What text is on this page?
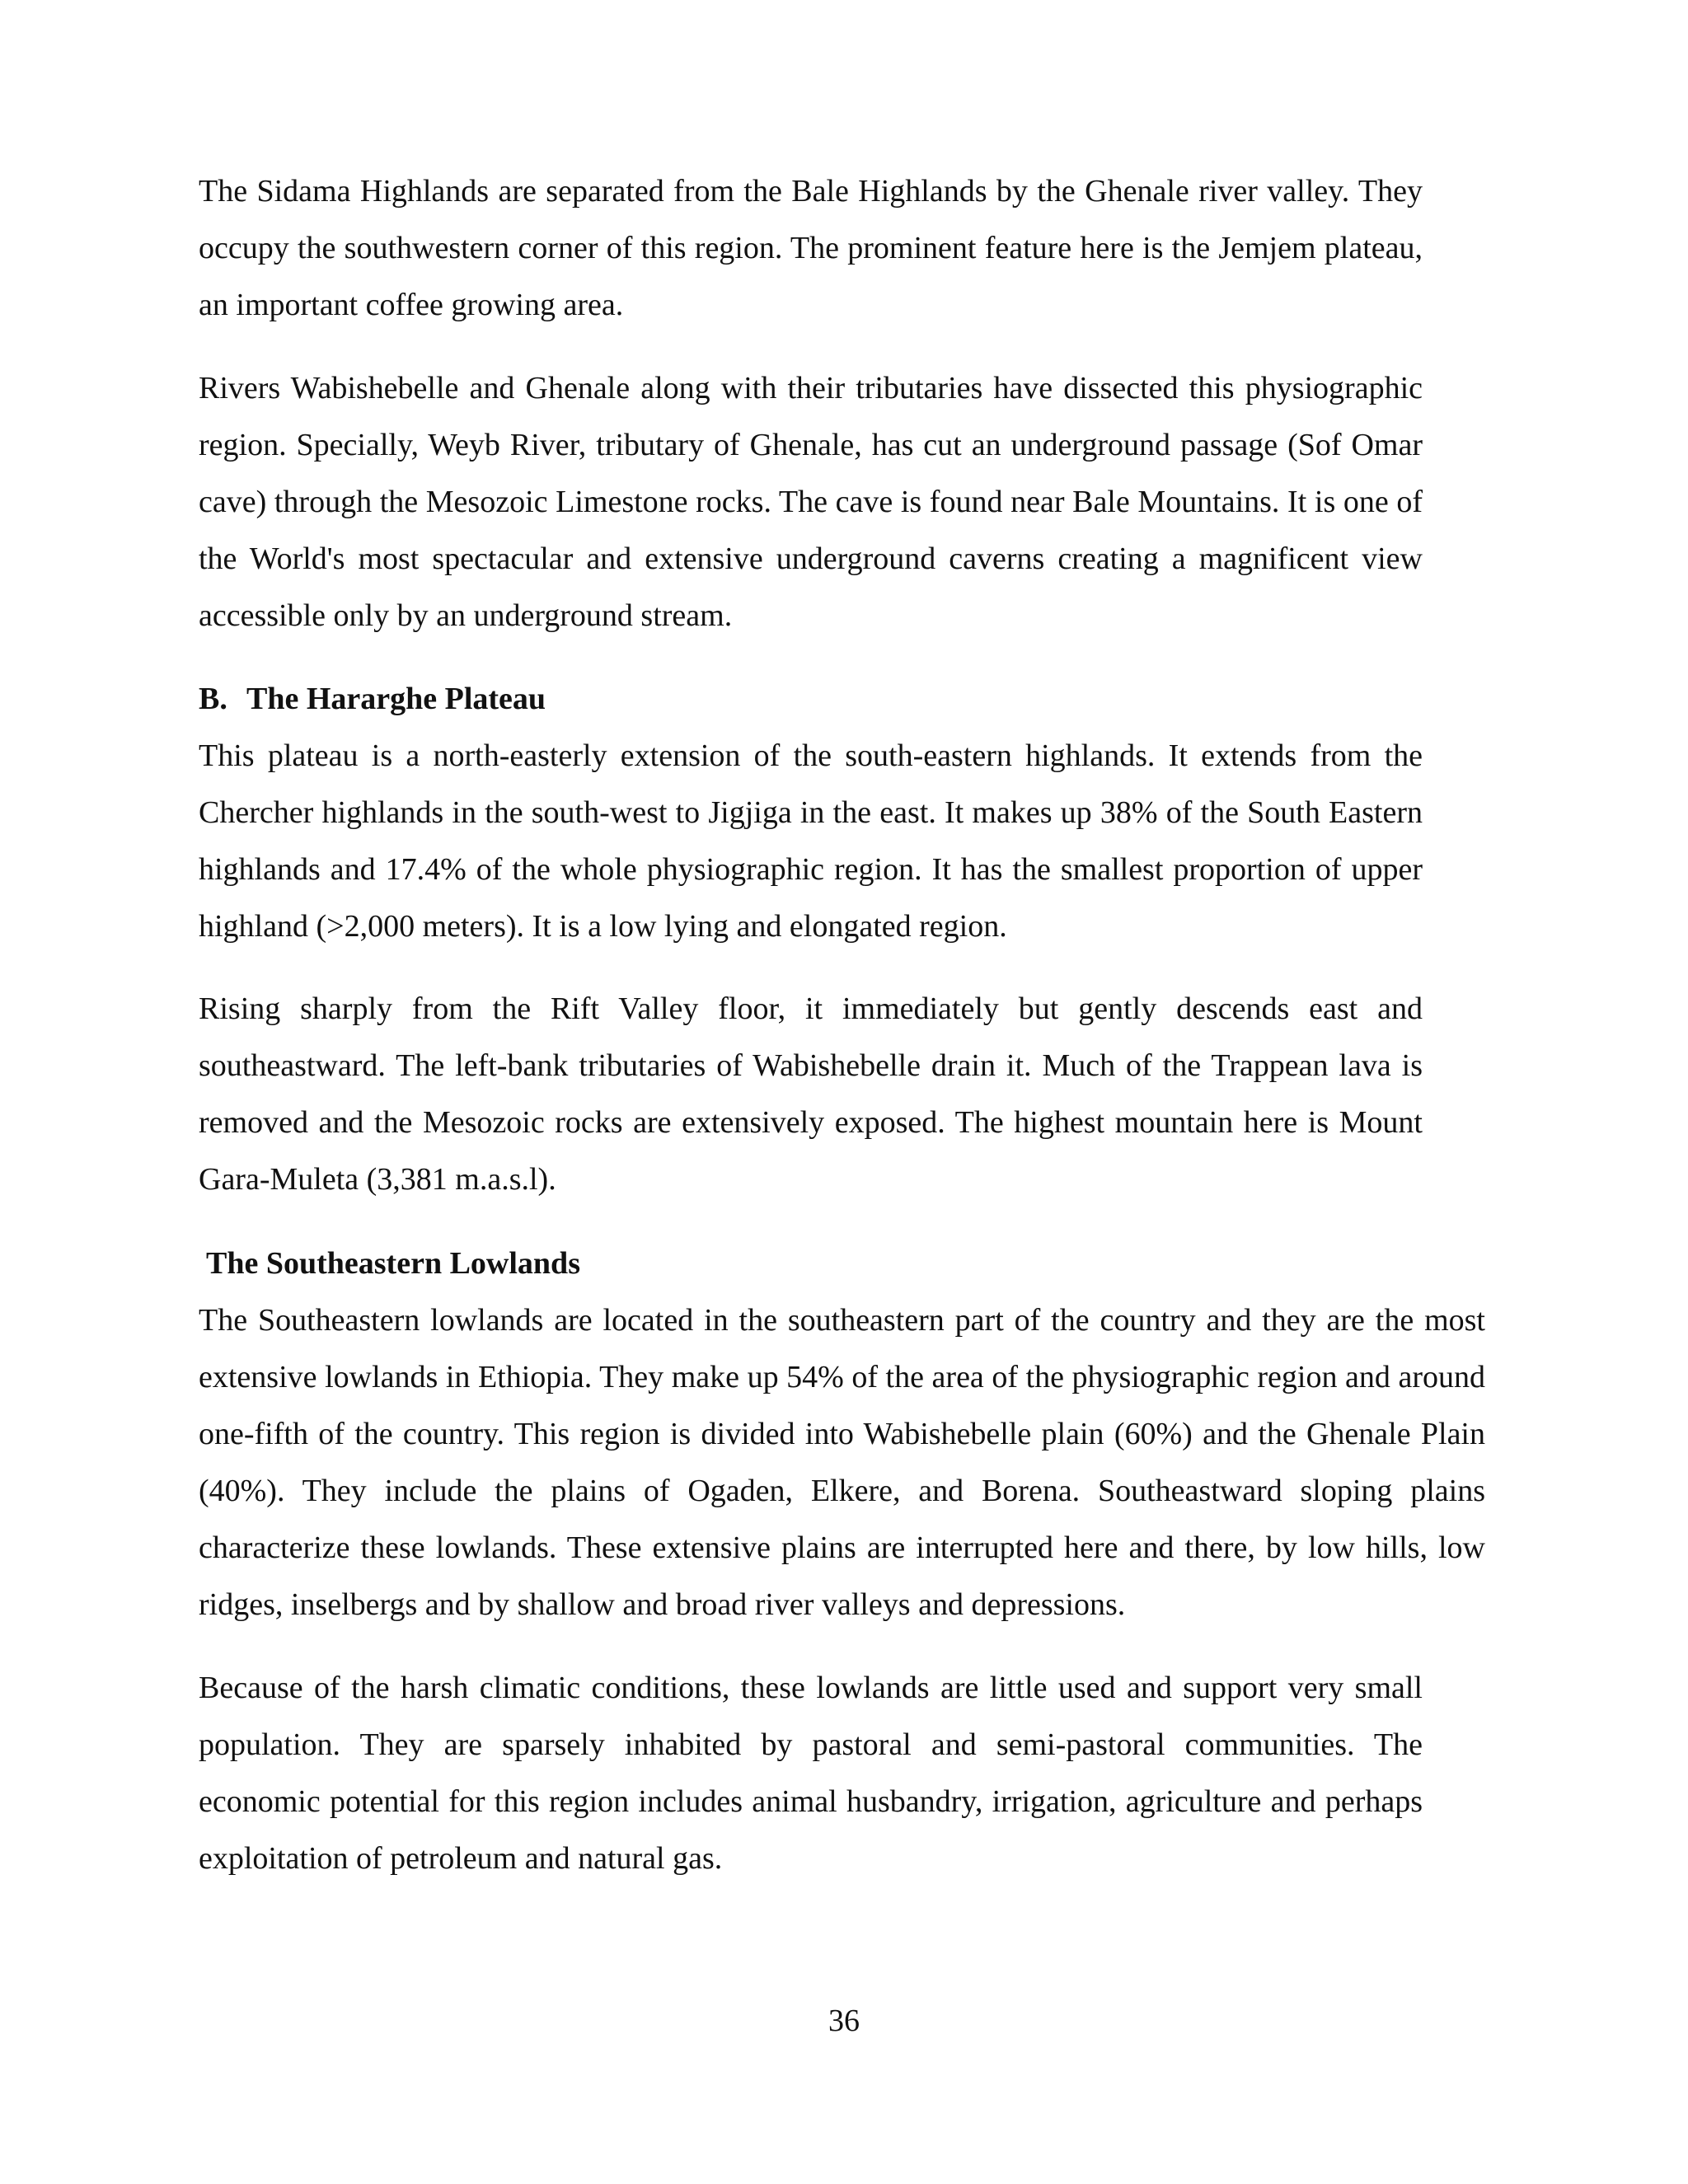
The Sidama Highlands are separated from the Bale Highlands by the Ghenale river valley. They occupy the southwestern corner of this region. The prominent feature here is the Jemjem plateau, an important coffee growing area.

Rivers Wabishebelle and Ghenale along with their tributaries have dissected this physiographic region. Specially, Weyb River, tributary of Ghenale, has cut an underground passage (Sof Omar cave) through the Mesozoic Limestone rocks. The cave is found near Bale Mountains. It is one of the World's most spectacular and extensive underground caverns creating a magnificent view accessible only by an underground stream.

B. The Hararghe Plateau

This plateau is a north-easterly extension of the south-eastern highlands. It extends from the Chercher highlands in the south-west to Jigjiga in the east. It makes up 38% of the South Eastern highlands and 17.4% of the whole physiographic region. It has the smallest proportion of upper highland (>2,000 meters). It is a low lying and elongated region.

Rising sharply from the Rift Valley floor, it immediately but gently descends east and southeastward. The left-bank tributaries of Wabishebelle drain it. Much of the Trappean lava is removed and the Mesozoic rocks are extensively exposed. The highest mountain here is Mount Gara-Muleta (3,381 m.a.s.l).

The Southeastern Lowlands

The Southeastern lowlands are located in the southeastern part of the country and they are the most extensive lowlands in Ethiopia. They make up 54% of the area of the physiographic region and around one-fifth of the country. This region is divided into Wabishebelle plain (60%) and the Ghenale Plain (40%). They include the plains of Ogaden, Elkere, and Borena. Southeastward sloping plains characterize these lowlands. These extensive plains are interrupted here and there, by low hills, low ridges, inselbergs and by shallow and broad river valleys and depressions.

Because of the harsh climatic conditions, these lowlands are little used and support very small population. They are sparsely inhabited by pastoral and semi-pastoral communities. The economic potential for this region includes animal husbandry, irrigation, agriculture and perhaps exploitation of petroleum and natural gas.

36
